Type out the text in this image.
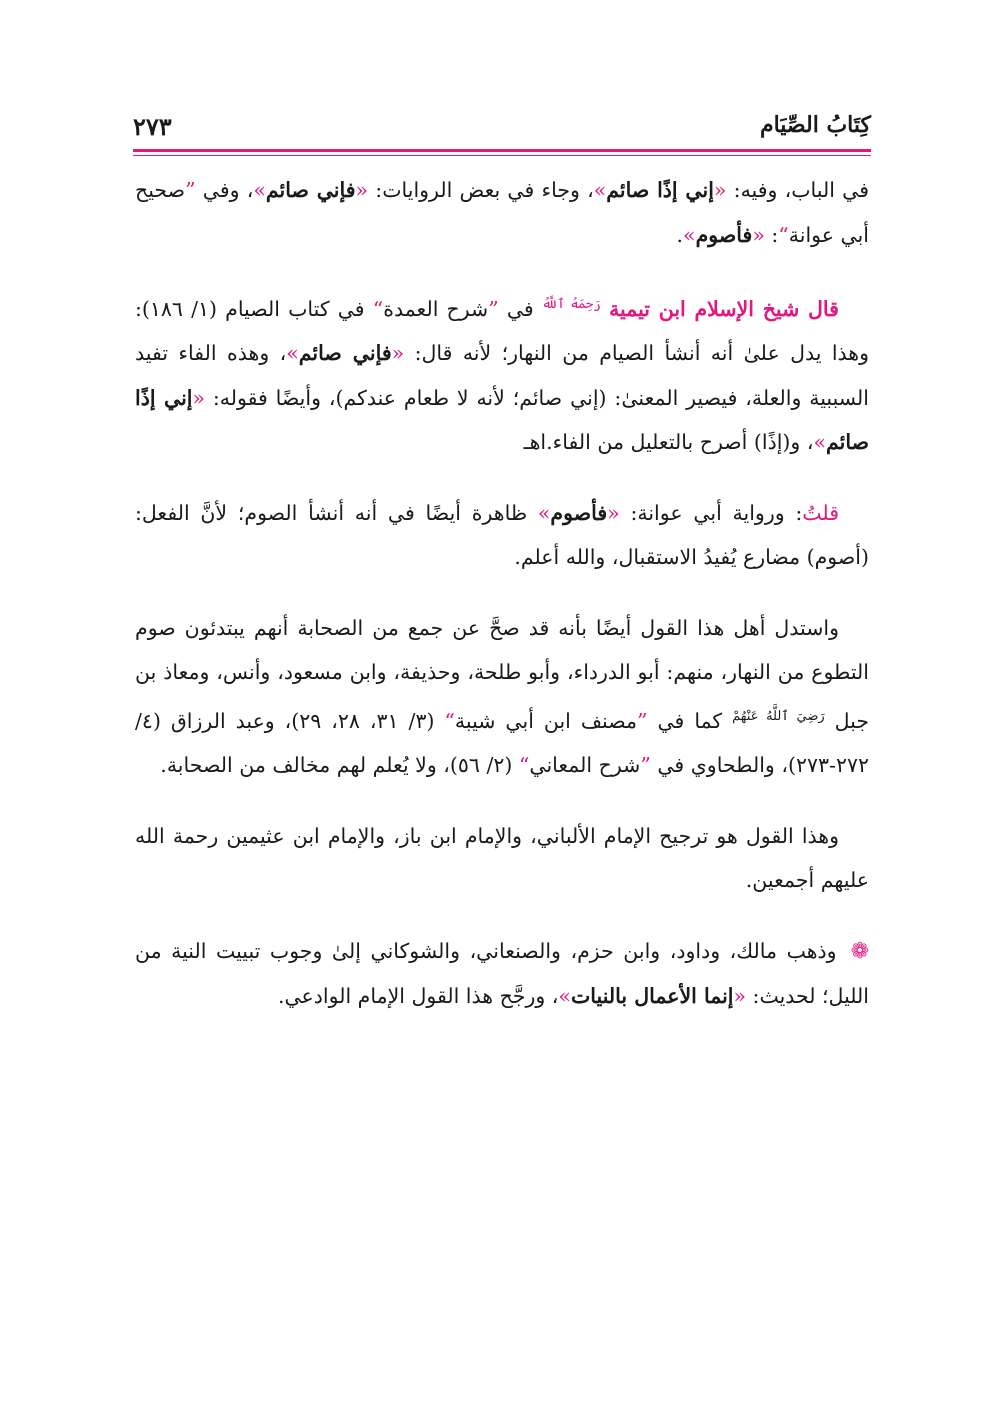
٢٧٣	كِتَابُ الصِّيَام

في الباب، وفيه: «إني إذًا صائم»، وجاء في بعض الروايات: «فإني صائم»، وفي ”صحيح أبي عوانة“: «فأصوم».

قال شيخ الإسلام ابن تيمية $^{رَحِمَهُ ٱللَّهُ}$ في ”شرح العمدة“ في كتاب الصيام (١/ ١٨٦): وهذا يدل علىٰ أنه أنشأ الصيام من النهار؛ لأنه قال: «فإني صائم»، وهذه الفاء تفيد السببية والعلة، فيصير المعنىٰ: (إني صائم؛ لأنه لا طعام عندكم)، وأيضًا فقوله: «إني إذًا صائم»، و(إذًا) أصرح بالتعليل من الفاء.اهـ

قلتُ: ورواية أبي عوانة: «فأصوم» ظاهرة أيضًا في أنه أنشأ الصوم؛ لأنَّ الفعل: (أصوم) مضارع يُفيدُ الاستقبال، والله أعلم.

واستدل أهل هذا القول أيضًا بأنه قد صحَّ عن جمع من الصحابة أنهم يبتدئون صوم التطوع من النهار، منهم: أبو الدرداء، وأبو طلحة، وحذيفة، وابن مسعود، وأنس، ومعاذ بن جبل $^{رَضِيَ ٱللَّهُ عَنْهُمْ}$ كما في ”مصنف ابن أبي شيبة“ (٣/ ٣١، ٢٨، ٢٩)، وعبد الرزاق (٤/ ٢٧٢-٢٧٣)، والطحاوي في ”شرح المعاني“ (٢/ ٥٦)، ولا يُعلم لهم مخالف من الصحابة.

وهذا القول هو ترجيح الإمام الألباني، والإمام ابن باز، والإمام ابن عثيمين رحمة الله عليهم أجمعين.

❁وذهب مالك، وداود، وابن حزم، والصنعاني، والشوكاني إلىٰ وجوب تبييت النية من الليل؛ لحديث: «إنما الأعمال بالنيات»، ورجَّح هذا القول الإمام الوادعي.
